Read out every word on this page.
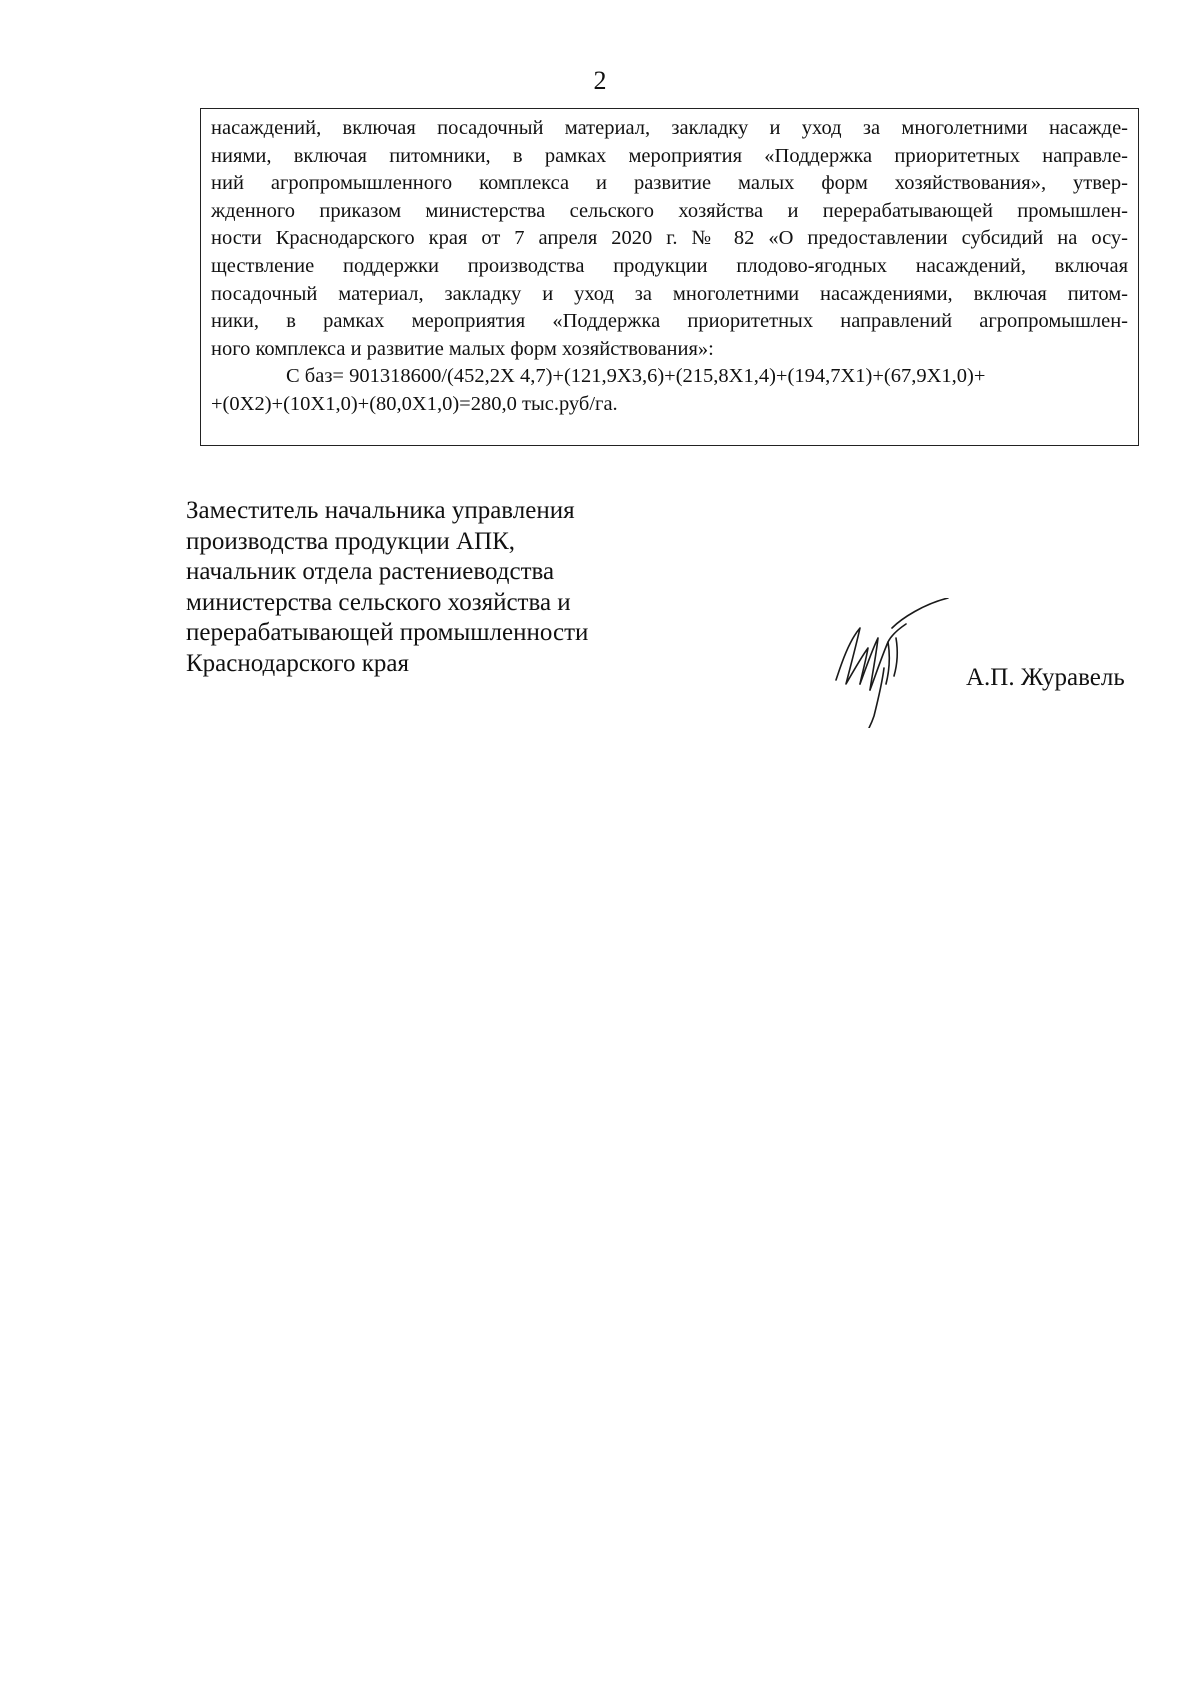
2
насаждений, включая посадочный материал, закладку и уход за многолетними насажде-
ниями, включая питомники, в рамках мероприятия «Поддержка приоритетных направле-
ний агропромышленного комплекса и развитие малых форм хозяйствования», утвер-
жденного приказом министерства сельского хозяйства и перерабатывающей промышлен-
ности Краснодарского края от 7 апреля 2020 г. № 82 «О предоставлении субсидий на осу-
ществление поддержки производства продукции плодово-ягодных насаждений, включая
посадочный материал, закладку и уход за многолетними насаждениями, включая питом-
ники, в рамках мероприятия «Поддержка приоритетных направлений агропромышлен-
ного комплекса и развитие малых форм хозяйствования»:
С баз= 901318600/(452,2Х 4,7)+(121,9Х3,6)+(215,8Х1,4)+(194,7Х1)+(67,9Х1,0)+
+(0Х2)+(10Х1,0)+(80,0Х1,0)=280,0 тыс.руб/га.
Заместитель начальника управления
производства продукции АПК,
начальник отдела растениеводства
министерства сельского хозяйства и
перерабатывающей промышленности
Краснодарского края
А.П. Журавель
